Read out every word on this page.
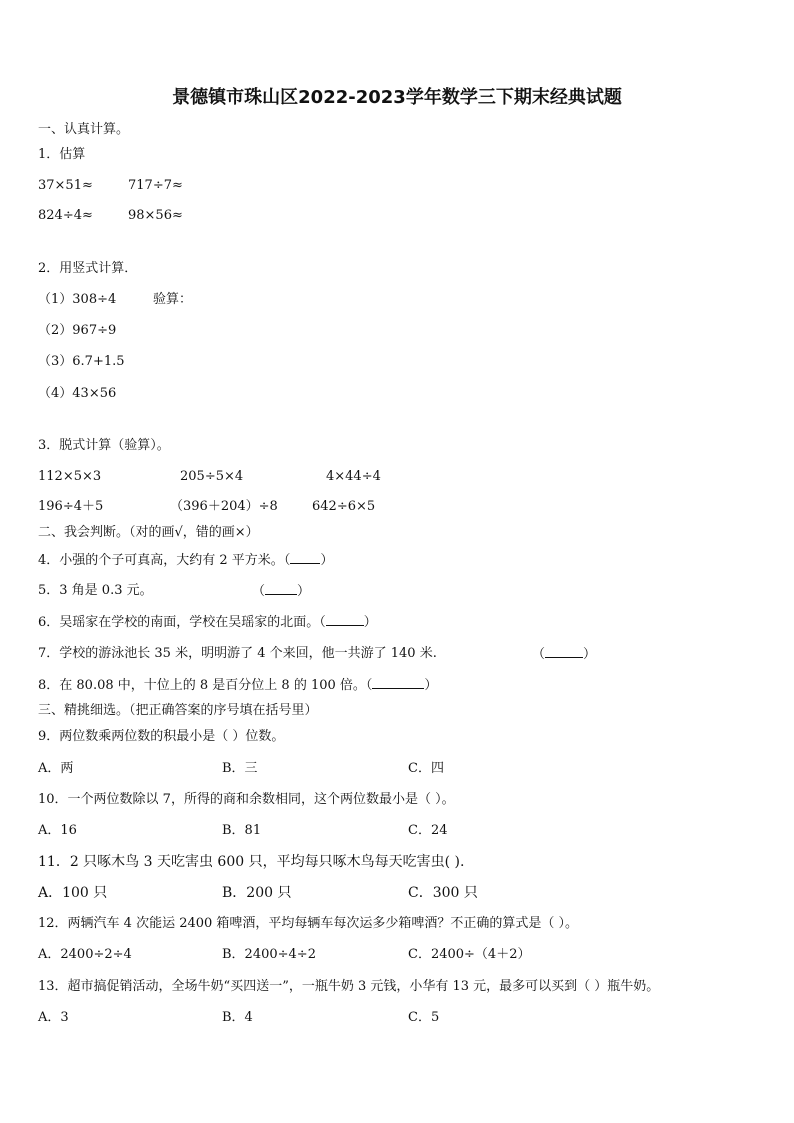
景德镇市珠山区2022-2023学年数学三下期末经典试题
一、认真计算。
1．估算
37×51≈	717÷7≈
824÷4≈	98×56≈
2．用竖式计算．
（1）308÷4	验算：
（2）967÷9
（3）6.7+1.5
（4）43×56
3．脱式计算（验算）。
112×5×3	205÷5×4	4×44÷4
196÷4＋5	（396＋204）÷8	642÷6×5
二、我会判断。（对的画√，错的画×）
4．小强的个子可真高，大约有 2 平方米。（ ）
5．3 角是 0.3 元。	（ ）
6．吴瑶家在学校的南面，学校在吴瑶家的北面。（	）
7．学校的游泳池长 35 米，明明游了 4 个来回，他一共游了 140 米.	（	）
8．在 80.08 中，十位上的 8 是百分位上 8 的 100 倍。（	）
三、精挑细选。（把正确答案的序号填在括号里）
9．两位数乘两位数的积最小是（ ）位数。
A．两	B．三	C．四
10．一个两位数除以 7，所得的商和余数相同，这个两位数最小是（ ）。
A．16	B．81	C．24
11．2 只啄木鸟 3 天吃害虫 600 只，平均每只啄木鸟每天吃害虫( ).
A．100 只	B．200 只	C．300 只
12．两辆汽车 4 次能运 2400 箱啤酒，平均每辆车每次运多少箱啤酒？不正确的算式是（ ）。
A．2400÷2÷4	B．2400÷4÷2	C．2400÷（4＋2）
13．超市搞促销活动，全场牛奶“买四送一”，一瓶牛奶 3 元钱，小华有 13 元，最多可以买到（ ）瓶牛奶。
A．3	B．4	C．5
